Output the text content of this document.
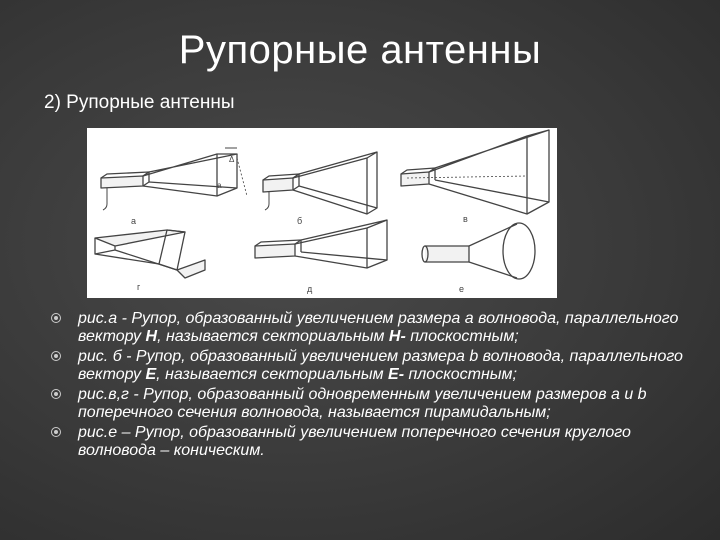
Рупорные антенны
2) Рупорные антенны
а	б	в
г	д	е
Δ
а
рис.а - Рупор, образованный увеличением размера а волновода, параллельного вектору Н, называется секториальным Н- плоскостным;
рис. б - Рупор, образованный увеличением размера b волновода, параллельного вектору Е, называется секториальным Е- плоскостным;
рис.в,г - Рупор, образованный одновременным увеличением размеров а и b поперечного сечения волновода, называется пирамидальным;
рис.е – Рупор, образованный увеличением поперечного сечения круглого волновода – коническим.
